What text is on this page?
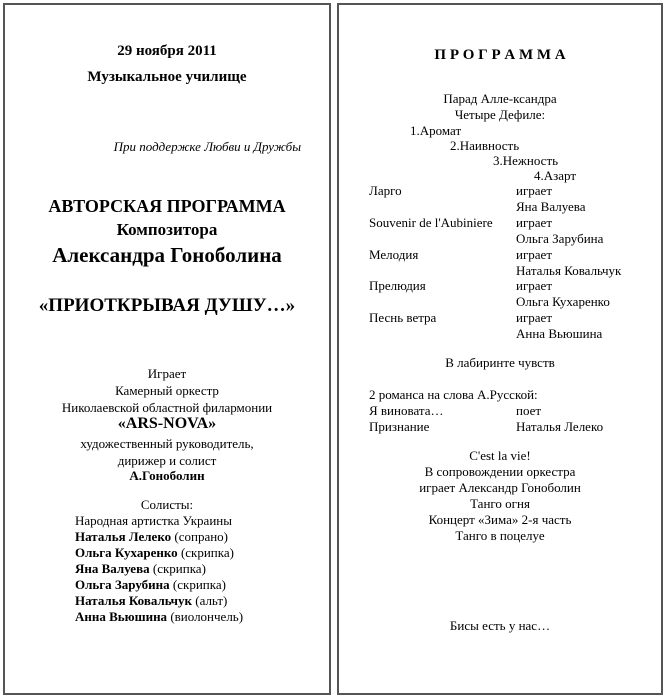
29 ноября 2011
Музыкальное училище
При поддержке Любви и Дружбы
АВТОРСКАЯ ПРОГРАММА
Композитора
Александра Гоноболина
«ПРИОТКРЫВАЯ ДУШУ…»
Играет
Камерный оркестр
Николаевской областной филармонии
«ARS-NOVA»
художественный руководитель,
дирижер и солист
А.Гоноболин
Солисты:
Народная артистка Украины
Наталья Лелеко (сопрано)
Ольга Кухаренко (скрипка)
Яна Валуева (скрипка)
Ольга Зарубина (скрипка)
Наталья Ковальчук (альт)
Анна Вьюшина (виолончель)
П Р О Г Р А М М А
Парад Алле-ксандра
Четыре Дефиле:
1.Аромат
2.Наивность
3.Нежность
4.Азарт
Ларго	играет
Яна Валуева
Souvenir de l'Aubiniere играет
Ольга Зарубина
Мелодия	играет
Наталья Ковальчук
Прелюдия	играет
Ольга Кухаренко
Песнь ветра	играет
Анна Вьюшина
В лабиринте чувств
2 романса на слова А.Русской:
Я виновата…	поет
Признание	Наталья Лелеко
C'est la vie!
В сопровождении оркестра
играет Александр Гоноболин
Танго огня
Концерт «Зима» 2-я часть
Танго в поцелуе
Бисы есть у нас…
